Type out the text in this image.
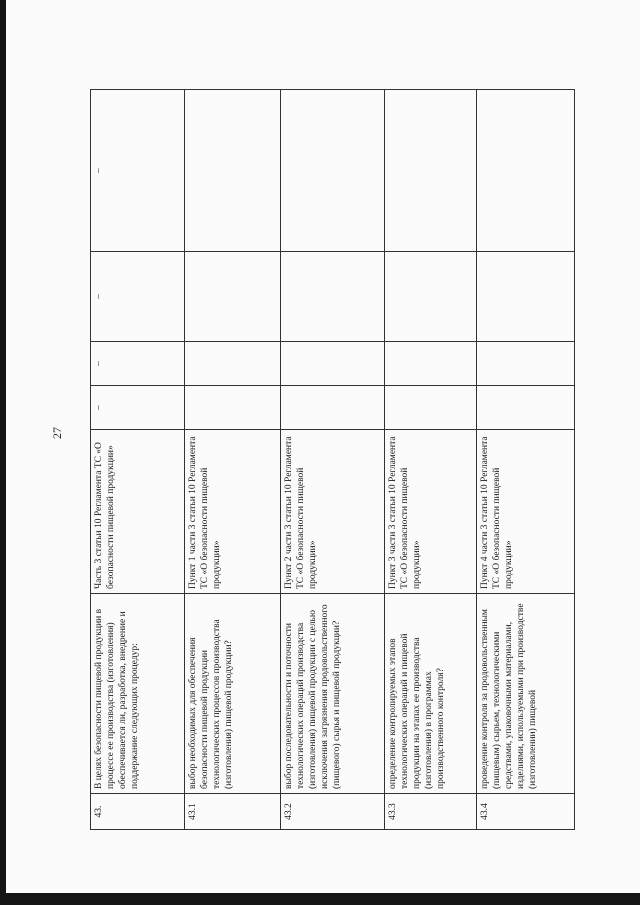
27
43.	В целях безопасности пищевой продукции в процессе ее производства (изготовления) обеспечивается ли, разработка, внедрение и поддержание следующих процедур:	Часть 3 статьи 10 Регламента ТС «О безопасности пищевой продукции»	–	–	–	–
43.1	выбор необходимых для обеспечения безопасности пищевой продукции технологических процессов производства (изготовления) пищевой продукции?	Пункт 1 части 3 статьи 10 Регламента ТС «О безопасности пищевой продукции»				
43.2	выбор последовательности и поточности технологических операций производства (изготовления) пищевой продукции с целью исключения загрязнения продовольственного (пищевого) сырья и пищевой продукции?	Пункт 2 части 3 статьи 10 Регламента ТС «О безопасности пищевой продукции»				
43.3	определение контролируемых этапов технологических операций и пищевой продукции на этапах ее производства (изготовления) в программах производственного контроля?	Пункт 3 части 3 статьи 10 Регламента ТС «О безопасности пищевой продукции»				
43.4	проведение контроля за продовольственным (пищевым) сырьем, технологическими средствами, упаковочными материалами, изделиями, используемыми при производстве (изготовлении) пищевой	Пункт 4 части 3 статьи 10 Регламента ТС «О безопасности пищевой продукции»				
